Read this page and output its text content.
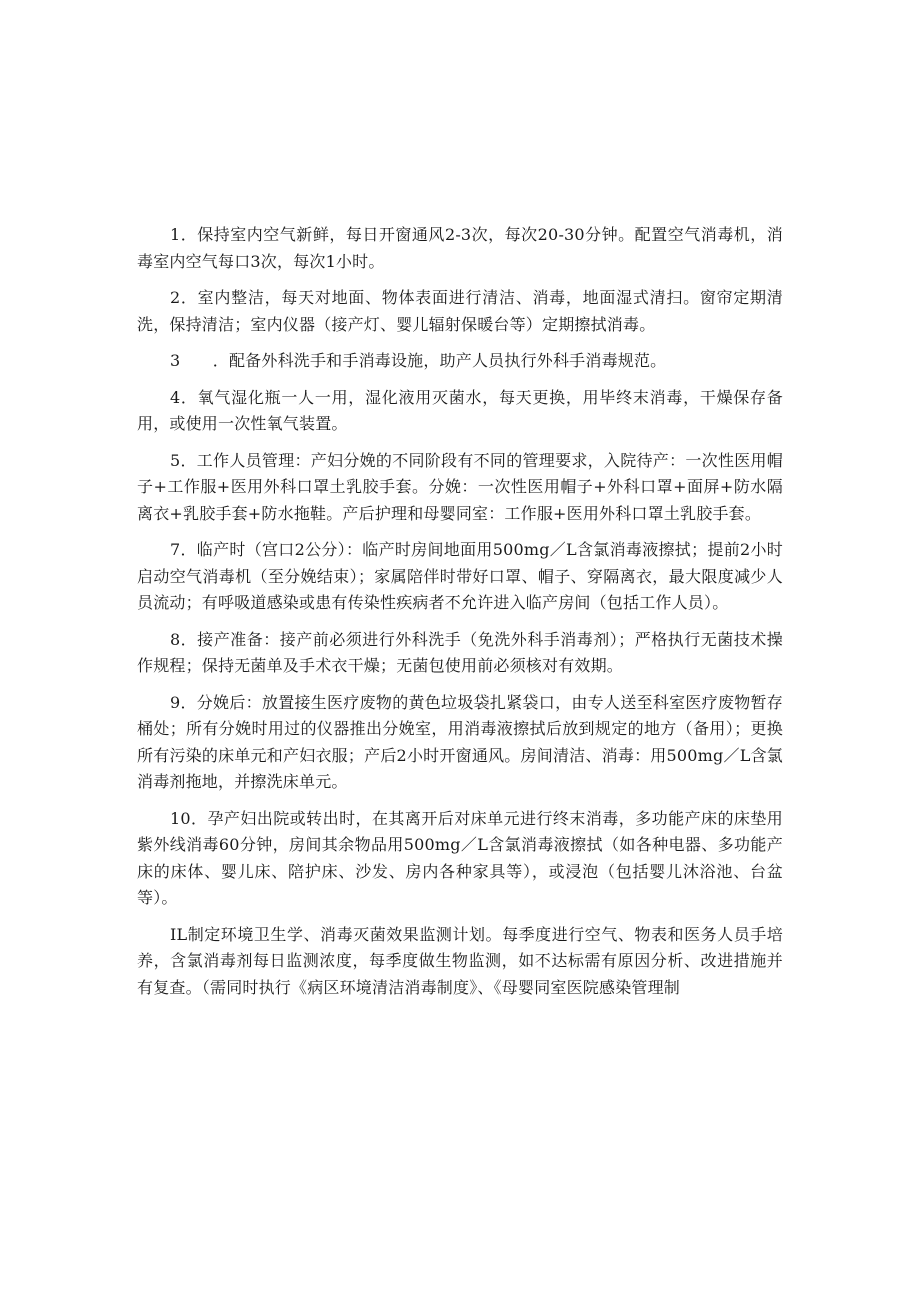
1．保持室内空气新鲜，每日开窗通风2-3次，每次20-30分钟。配置空气消毒机，消毒室内空气每口3次，每次1小时。

2．室内整洁，每天对地面、物体表面进行清洁、消毒，地面湿式清扫。窗帘定期清洗，保持清洁；室内仪器（接产灯、婴儿辐射保暖台等）定期擦拭消毒。

3　　．配备外科洗手和手消毒设施，助产人员执行外科手消毒规范。

4．氧气湿化瓶一人一用，湿化液用灭菌水，每天更换，用毕终末消毒，干燥保存备用，或使用一次性氧气装置。

5．工作人员管理：产妇分娩的不同阶段有不同的管理要求，入院待产：一次性医用帽子+工作服+医用外科口罩土乳胶手套。分娩：一次性医用帽子+外科口罩+面屏+防水隔离衣+乳胶手套+防水拖鞋。产后护理和母婴同室：工作服+医用外科口罩土乳胶手套。

7．临产时（宫口2公分）：临产时房间地面用500mg／L含氯消毒液擦拭；提前2小时启动空气消毒机（至分娩结束）；家属陪伴时带好口罩、帽子、穿隔离衣，最大限度减少人员流动；有呼吸道感染或患有传染性疾病者不允许进入临产房间（包括工作人员）。

8．接产准备：接产前必须进行外科洗手（免洗外科手消毒剂）；严格执行无菌技术操作规程；保持无菌单及手术衣干燥；无菌包使用前必须核对有效期。

9．分娩后：放置接生医疗废物的黄色垃圾袋扎紧袋口，由专人送至科室医疗废物暂存桶处；所有分娩时用过的仪器推出分娩室，用消毒液擦拭后放到规定的地方（备用）；更换所有污染的床单元和产妇衣服；产后2小时开窗通风。房间清洁、消毒：用500mg／L含氯消毒剂拖地，并擦洗床单元。

10．孕产妇出院或转出时，在其离开后对床单元进行终末消毒，多功能产床的床垫用紫外线消毒60分钟，房间其余物品用500mg／L含氯消毒液擦拭（如各种电器、多功能产床的床体、婴儿床、陪护床、沙发、房内各种家具等），或浸泡（包括婴儿沐浴池、台盆等）。

IL制定环境卫生学、消毒灭菌效果监测计划。每季度进行空气、物表和医务人员手培养，含氯消毒剂每日监测浓度，每季度做生物监测，如不达标需有原因分析、改进措施并有复查。（需同时执行《病区环境清洁消毒制度》、《母婴同室医院感染管理制
